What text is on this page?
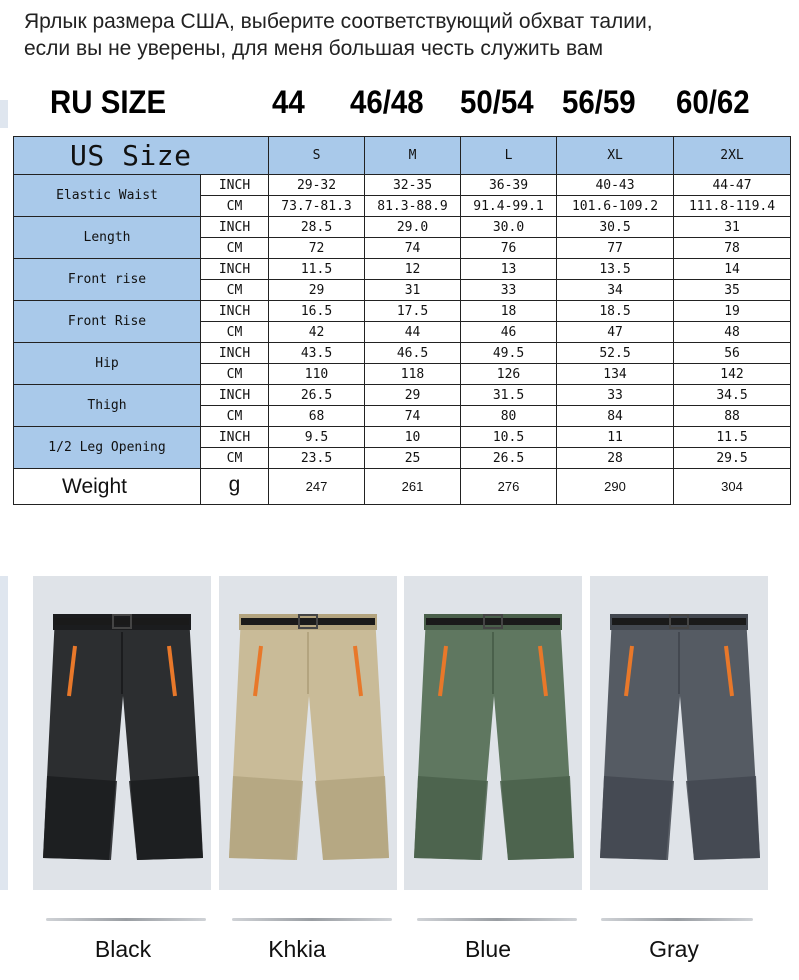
Ярлык размера США, выберите соответствующий обхват талии,
если вы не уверены, для меня большая честь служить вам
RU SIZE	44 46/48 50/54 56/59 60/62
US Size		S	M	L	XL	2XL
Elastic Waist	INCH	29-32	32-35	36-39	40-43	44-47
	CM	73.7-81.3	81.3-88.9	91.4-99.1	101.6-109.2	111.8-119.4
Length	INCH	28.5	29.0	30.0	30.5	31
	CM	72	74	76	77	78
Front rise	INCH	11.5	12	13	13.5	14
	CM	29	31	33	34	35
Front Rise	INCH	16.5	17.5	18	18.5	19
	CM	42	44	46	47	48
Hip	INCH	43.5	46.5	49.5	52.5	56
	CM	110	118	126	134	142
Thigh	INCH	26.5	29	31.5	33	34.5
	CM	68	74	80	84	88
1/2 Leg Opening	INCH	9.5	10	10.5	11	11.5
	CM	23.5	25	26.5	28	29.5
Weight	g	247	261	276	290	304
Black	Khkia	Blue	Gray
